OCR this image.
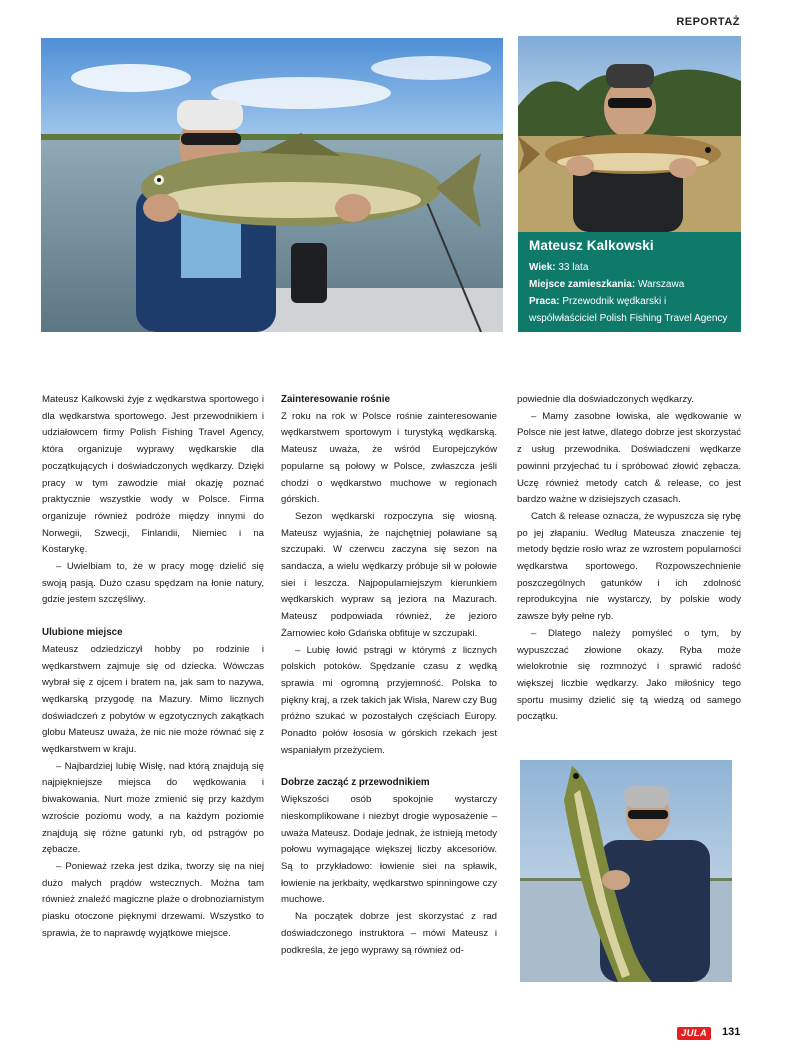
REPORTAŻ

Mateusz Kalkowski

Wiek: 33 lata

Miejsce zamieszkania: Warszawa

Praca: Przewodnik wędkarski i współwłaściciel Polish Fishing Travel Agency

Mateusz Kalkowski żyje z wędkarstwa sportowego i dla wędkarstwa sportowego. Jest przewodnikiem i udziałowcem firmy Polish Fishing Travel Agency, która organizuje wyprawy wędkarskie dla początkujących i doświadczonych wędkarzy. Dzięki pracy w tym zawodzie miał okazję poznać praktycznie wszystkie wody w Polsce. Firma organizuje również podróże między innymi do Norwegii, Szwecji, Finlandii, Niemiec i na Kostarykę.

– Uwielbiam to, że w pracy mogę dzielić się swoją pasją. Dużo czasu spędzam na łonie natury, gdzie jestem szczęśliwy.

Ulubione miejsce

Mateusz odziedziczył hobby po rodzinie i wędkarstwem zajmuje się od dziecka. Wówczas wybrał się z ojcem i bratem na, jak sam to nazywa, wędkarską przygodę na Mazury. Mimo licznych doświadczeń z pobytów w egzotycznych zakątkach globu Mateusz uważa, że nic nie może równać się z wędkarstwem w kraju.

– Najbardziej lubię Wisłę, nad którą znajdują się najpiękniejsze miejsca do wędkowania i biwakowania. Nurt może zmienić się przy każdym wzroście poziomu wody, a na każdym poziomie znajdują się różne gatunki ryb, od pstrągów po zębacze.

– Ponieważ rzeka jest dzika, tworzy się na niej dużo małych prądów wstecznych. Można tam również znaleźć magiczne plaże o drobnoziarnistym piasku otoczone pięknymi drzewami. Wszystko to sprawia, że to naprawdę wyjątkowe miejsce.

Zainteresowanie rośnie

Z roku na rok w Polsce rośnie zainteresowanie wędkarstwem sportowym i turystyką wędkarską. Mateusz uważa, że wśród Europejczyków popularne są połowy w Polsce, zwłaszcza jeśli chodzi o wędkarstwo muchowe w regionach górskich.

Sezon wędkarski rozpoczyna się wiosną. Mateusz wyjaśnia, że najchętniej poławiane są szczupaki. W czerwcu zaczyna się sezon na sandacza, a wielu wędkarzy próbuje sił w połowie siei i leszcza. Najpopularniejszym kierunkiem wędkarskich wypraw są jeziora na Mazurach. Mateusz podpowiada również, że jezioro Żarnowiec koło Gdańska obfituje w szczupaki.

– Lubię łowić pstrągi w którymś z licznych polskich potoków. Spędzanie czasu z wędką sprawia mi ogromną przyjemność. Polska to piękny kraj, a rzek takich jak Wisła, Narew czy Bug próżno szukać w pozostałych częściach Europy. Ponadto połów łososia w górskich rzekach jest wspaniałym przeżyciem.

Dobrze zacząć z przewodnikiem

Większości osób spokojnie wystarczy nieskomplikowane i niezbyt drogie wyposażenie – uważa Mateusz. Dodaje jednak, że istnieją metody połowu wymagające większej liczby akcesoriów. Są to przykładowo: łowienie siei na spławik, łowienie na jerkbaity, wędkarstwo spinningowe czy muchowe.

Na początek dobrze jest skorzystać z rad doświadczonego instruktora – mówi Mateusz i podkreśla, że jego wyprawy są również od-

powiednie dla doświadczonych wędkarzy.

– Mamy zasobne łowiska, ale wędkowanie w Polsce nie jest łatwe, dlatego dobrze jest skorzystać z usług przewodnika. Doświadczeni wędkarze powinni przyjechać tu i spróbować złowić zębacza. Uczę również metody catch & release, co jest bardzo ważne w dzisiejszych czasach.

Catch & release oznacza, że wypuszcza się rybę po jej złapaniu. Według Mateusza znaczenie tej metody będzie rosło wraz ze wzrostem popularności wędkarstwa sportowego. Rozpowszechnienie poszczególnych gatunków i ich zdolność reprodukcyjna nie wystarczy, by polskie wody zawsze były pełne ryb.

– Dlatego należy pomyśleć o tym, by wypuszczać złowione okazy. Ryba może wielokrotnie się rozmnożyć i sprawić radość większej liczbie wędkarzy. Jako miłośnicy tego sportu musimy dzielić się tą wiedzą od samego początku.

JULA	131
